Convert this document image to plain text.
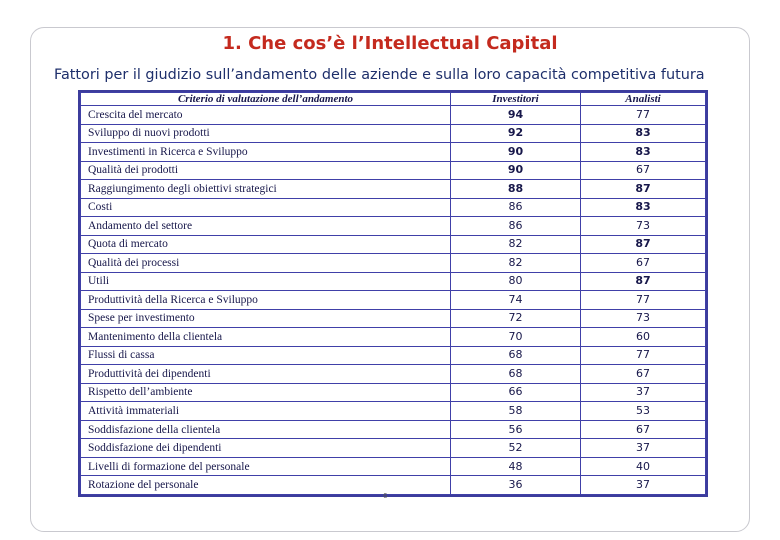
1. Che cos’è l’Intellectual Capital
Fattori per il giudizio sull’andamento delle aziende e sulla loro capacità competitiva futura
Criterio di valutazione dell’andamento	Investitori	Analisti
Crescita del mercato	94	77
Sviluppo di nuovi prodotti	92	83
Investimenti in Ricerca e Sviluppo	90	83
Qualità dei prodotti	90	67
Raggiungimento degli obiettivi strategici	88	87
Costi	86	83
Andamento del settore	86	73
Quota di mercato	82	87
Qualità dei processi	82	67
Utili	80	87
Produttività della Ricerca e Sviluppo	74	77
Spese per investimento	72	73
Mantenimento della clientela	70	60
Flussi di cassa	68	77
Produttività dei dipendenti	68	67
Rispetto dell’ambiente	66	37
Attività immateriali	58	53
Soddisfazione della clientela	56	67
Soddisfazione dei dipendenti	52	37
Livelli di formazione del personale	48	40
Rotazione del personale	36	37
6
